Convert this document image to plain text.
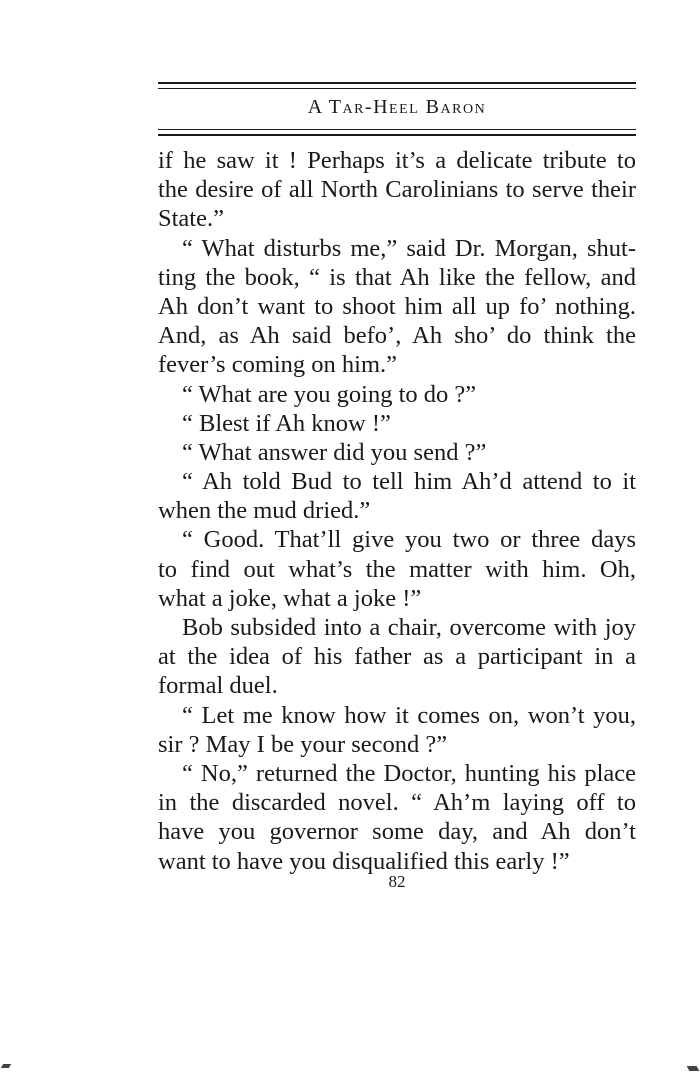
A Tar-Heel Baron
if he saw it ! Perhaps it’s a delicate tribute to
the desire of all North Carolinians to serve their
State.”
“ What disturbs me,” said Dr. Morgan, shut-
ting the book, “ is that Ah like the fellow, and
Ah don’t want to shoot him all up fo’ nothing.
And, as Ah said befo’, Ah sho’ do think the
fever’s coming on him.”
“ What are you going to do ?”
“ Blest if Ah know !”
“ What answer did you send ?”
“ Ah told Bud to tell him Ah’d attend to it
when the mud dried.”
“ Good. That’ll give you two or three days
to find out what’s the matter with him. Oh,
what a joke, what a joke !”
Bob subsided into a chair, overcome with joy
at the idea of his father as a participant in a
formal duel.
“ Let me know how it comes on, won’t you,
sir ? May I be your second ?”
“ No,” returned the Doctor, hunting his place
in the discarded novel. “ Ah’m laying off to
have you governor some day, and Ah don’t
want to have you disqualified this early !”
82
